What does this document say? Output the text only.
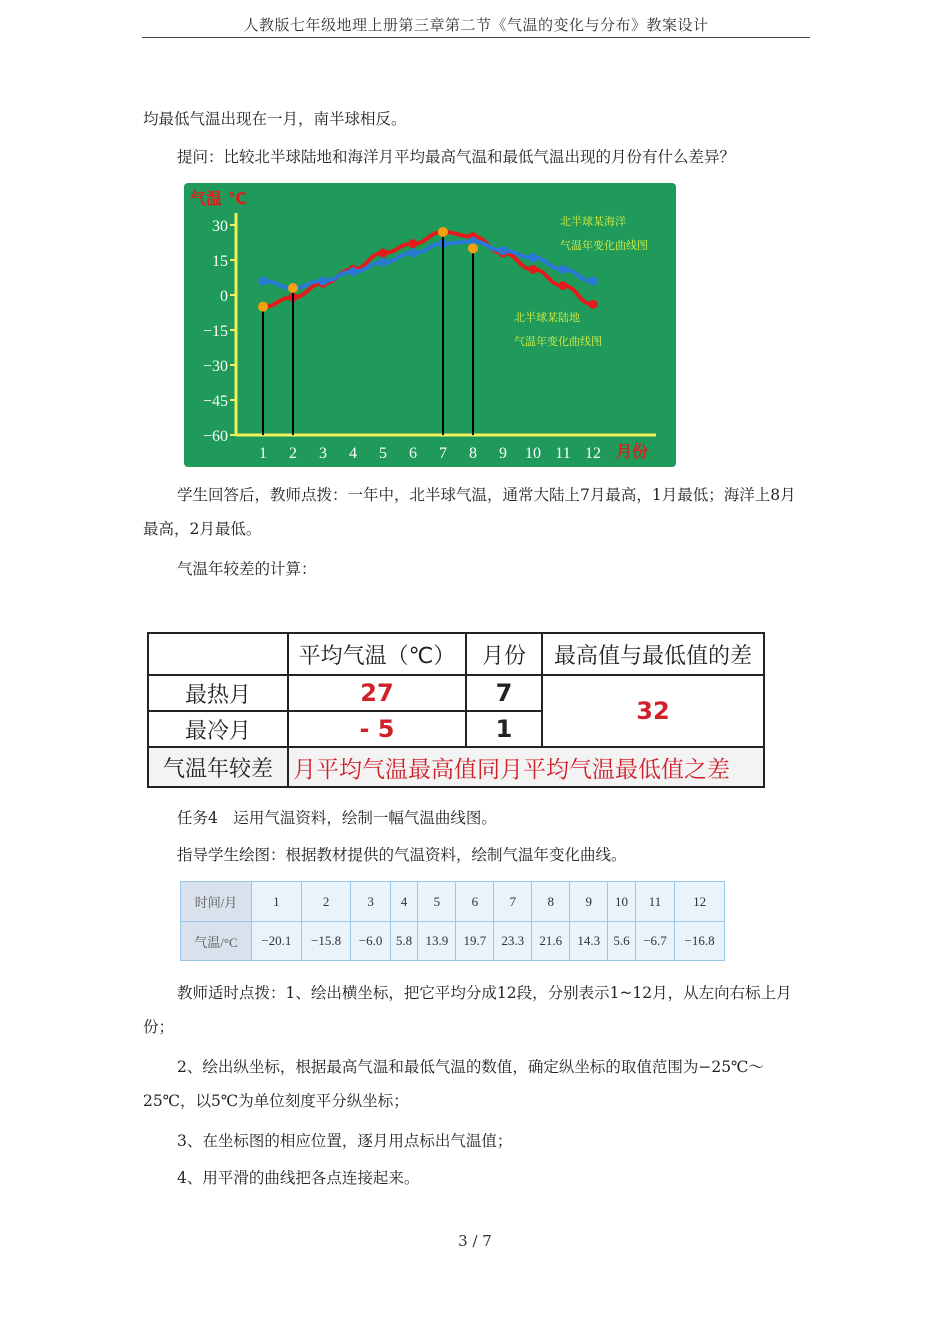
人教版七年级地理上册第三章第二节《气温的变化与分布》教案设计

均最低气温出现在一月，南半球相反。

提问：比较北半球陆地和海洋月平均最高气温和最低气温出现的月份有什么差异？

气温 ℃
月份
30
15
0
−15
−30
−45
−60
1 2 3 4 5 6 7 8 9 10 11 12
北半球某海洋
气温年变化曲线图
北半球某陆地
气温年变化曲线图

学生回答后，教师点拨：一年中，北半球气温，通常大陆上7月最高，1月最低；海洋上8月最高，2月最低。

气温年较差的计算：

	平均气温（℃）	月份	最高值与最低值的差
最热月	27	7	32
最冷月	- 5	1	
气温年较差	月平均气温最高值同月平均气温最低值之差		

任务4　运用气温资料，绘制一幅气温曲线图。

指导学生绘图：根据教材提供的气温资料，绘制气温年变化曲线。

时间/月	1	2	3	4	5	6	7	8	9	10	11	12
气温/°C	−20.1	−15.8	−6.0	5.8	13.9	19.7	23.3	21.6	14.3	5.6	−6.7	−16.8

教师适时点拨：1、绘出横坐标，把它平均分成12段，分别表示1~12月，从左向右标上月份；

2、绘出纵坐标，根据最高气温和最低气温的数值，确定纵坐标的取值范围为−25℃～25℃，以5℃为单位刻度平分纵坐标；

3、在坐标图的相应位置，逐月用点标出气温值；

4、用平滑的曲线把各点连接起来。

3 / 7
